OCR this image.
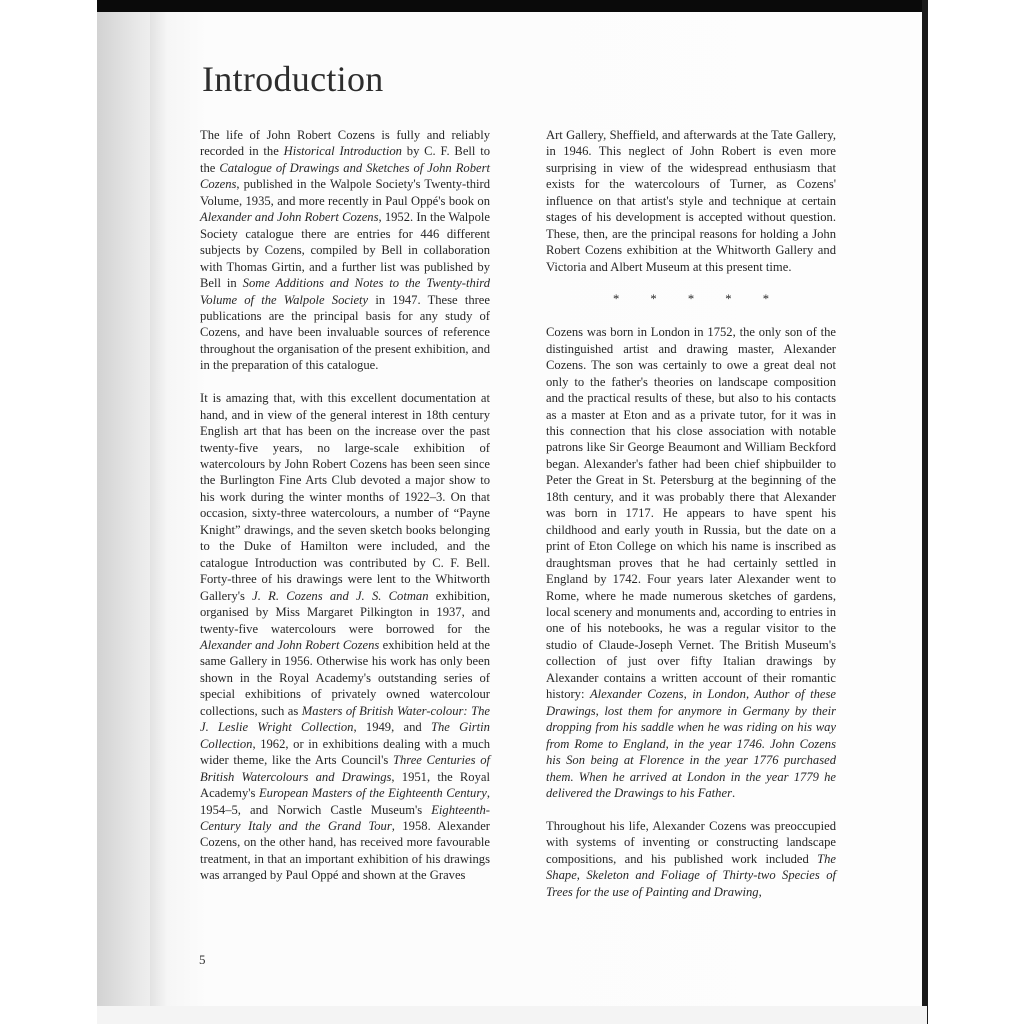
Introduction

The life of John Robert Cozens is fully and reliably recorded in the Historical Introduction by C. F. Bell to the Catalogue of Drawings and Sketches of John Robert Cozens, published in the Walpole Society's Twenty-third Volume, 1935, and more recently in Paul Oppé's book on Alexander and John Robert Cozens, 1952. In the Walpole Society catalogue there are entries for 446 different subjects by Cozens, compiled by Bell in collaboration with Thomas Girtin, and a further list was published by Bell in Some Additions and Notes to the Twenty-third Volume of the Walpole Society in 1947. These three publications are the principal basis for any study of Cozens, and have been invaluable sources of reference throughout the organisation of the present exhibition, and in the preparation of this catalogue.

It is amazing that, with this excellent documentation at hand, and in view of the general interest in 18th century English art that has been on the increase over the past twenty-five years, no large-scale exhibition of watercolours by John Robert Cozens has been seen since the Burlington Fine Arts Club devoted a major show to his work during the winter months of 1922–3. On that occasion, sixty-three watercolours, a number of “Payne Knight” drawings, and the seven sketch books belonging to the Duke of Hamilton were included, and the catalogue Introduction was contributed by C. F. Bell. Forty-three of his drawings were lent to the Whitworth Gallery's J. R. Cozens and J. S. Cotman exhibition, organised by Miss Margaret Pilkington in 1937, and twenty-five watercolours were borrowed for the Alexander and John Robert Cozens exhibition held at the same Gallery in 1956. Otherwise his work has only been shown in the Royal Academy's outstanding series of special exhibitions of privately owned watercolour collections, such as Masters of British Water-colour: The J. Leslie Wright Collection, 1949, and The Girtin Collection, 1962, or in exhibitions dealing with a much wider theme, like the Arts Council's Three Centuries of British Watercolours and Drawings, 1951, the Royal Academy's European Masters of the Eighteenth Century, 1954–5, and Norwich Castle Museum's Eighteenth-Century Italy and the Grand Tour, 1958. Alexander Cozens, on the other hand, has received more favourable treatment, in that an important exhibition of his drawings was arranged by Paul Oppé and shown at the Graves

Art Gallery, Sheffield, and afterwards at the Tate Gallery, in 1946. This neglect of John Robert is even more surprising in view of the widespread enthusiasm that exists for the watercolours of Turner, as Cozens' influence on that artist's style and technique at certain stages of his development is accepted without question. These, then, are the principal reasons for holding a John Robert Cozens exhibition at the Whitworth Gallery and Victoria and Albert Museum at this present time.

* * * * *

Cozens was born in London in 1752, the only son of the distinguished artist and drawing master, Alexander Cozens. The son was certainly to owe a great deal not only to the father's theories on landscape composition and the practical results of these, but also to his contacts as a master at Eton and as a private tutor, for it was in this connection that his close association with notable patrons like Sir George Beaumont and William Beckford began. Alexander's father had been chief shipbuilder to Peter the Great in St. Petersburg at the beginning of the 18th century, and it was probably there that Alexander was born in 1717. He appears to have spent his childhood and early youth in Russia, but the date on a print of Eton College on which his name is inscribed as draughtsman proves that he had certainly settled in England by 1742. Four years later Alexander went to Rome, where he made numerous sketches of gardens, local scenery and monuments and, according to entries in one of his notebooks, he was a regular visitor to the studio of Claude-Joseph Vernet. The British Museum's collection of just over fifty Italian drawings by Alexander contains a written account of their romantic history: Alexander Cozens, in London, Author of these Drawings, lost them for anymore in Germany by their dropping from his saddle when he was riding on his way from Rome to England, in the year 1746. John Cozens his Son being at Florence in the year 1776 purchased them. When he arrived at London in the year 1779 he delivered the Drawings to his Father.

Throughout his life, Alexander Cozens was preoccupied with systems of inventing or constructing landscape compositions, and his published work included The Shape, Skeleton and Foliage of Thirty-two Species of Trees for the use of Painting and Drawing,

5
